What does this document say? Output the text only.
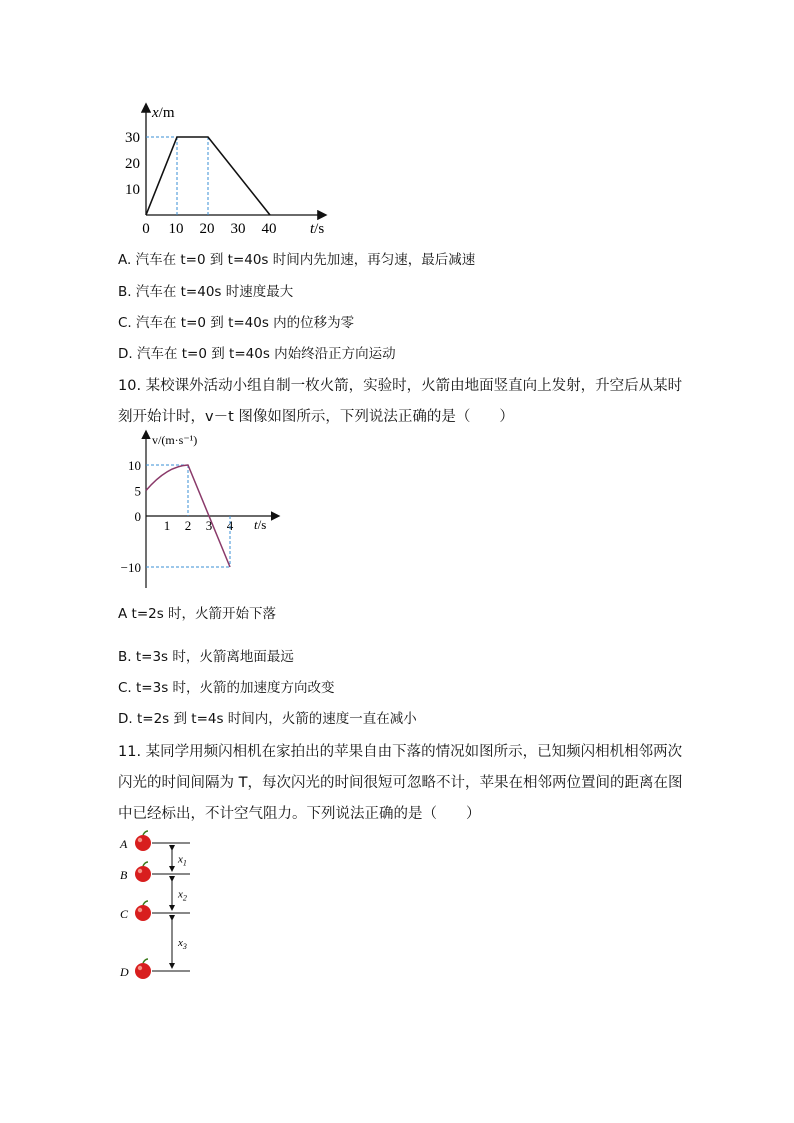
x/m
t/s
30
20
10
0 10 20 30 40
A. 汽车在 t=0 到 t=40s 时间内先加速，再匀速，最后减速
B. 汽车在 t=40s 时速度最大
C. 汽车在 t=0 到 t=40s 内的位移为零
D. 汽车在 t=0 到 t=40s 内始终沿正方向运动
10. 某校课外活动小组自制一枚火箭，实验时，火箭由地面竖直向上发射，升空后从某时
刻开始计时，v－t 图像如图所示，下列说法正确的是（　　）
v/(m·s⁻¹)
t/s
10
5
0
−10
1 2 3 4
A t=2s 时，火箭开始下落
B. t=3s 时，火箭离地面最远
C. t=3s 时，火箭的加速度方向改变
D. t=2s 到 t=4s 时间内，火箭的速度一直在减小
11. 某同学用频闪相机在家拍出的苹果自由下落的情况如图所示，已知频闪相机相邻两次
闪光的时间间隔为 T，每次闪光的时间很短可忽略不计，苹果在相邻两位置间的距离在图
中已经标出，不计空气阻力。下列说法正确的是（　　）
A
B
C
D
$x_1$
$x_2$
$x_3$
